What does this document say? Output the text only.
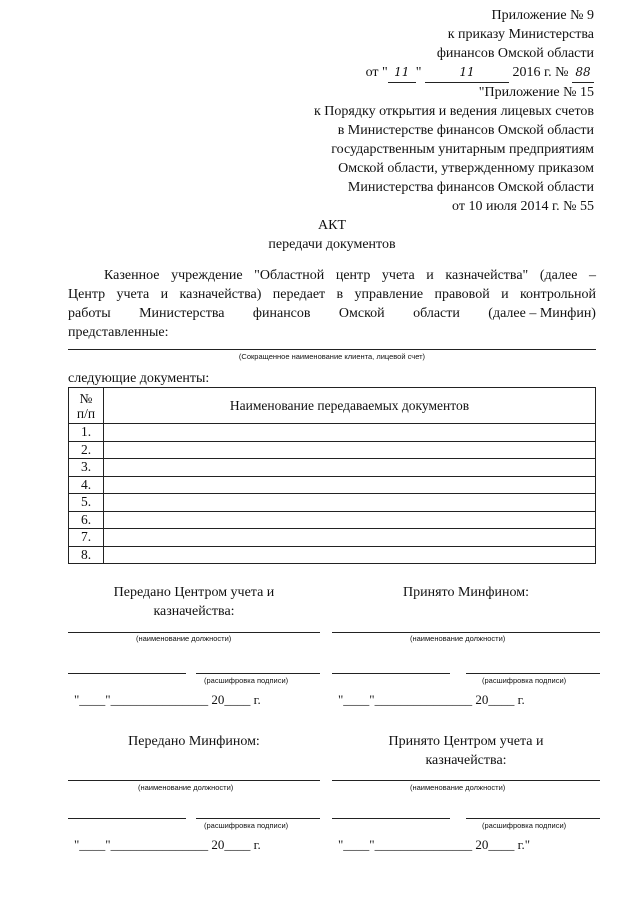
Приложение № 9
к приказу Министерства
финансов Омской области
от " 11 "	11	2016 г. № 88
"Приложение № 15
к Порядку открытия и ведения лицевых счетов
в Министерстве финансов Омской области
государственным унитарным предприятиям
Омской области, утвержденному приказом
Министерства финансов Омской области
от 10 июля 2014 г. № 55
АКТ
передачи документов
Казенное учреждение "Областной центр учета и казначейства" (далее –
Центр учета и казначейства) передает в управление правовой и контрольной
работы Министерства финансов Омской области (далее – Минфин)
представленные:
(Сокращенное наименование клиента, лицевой счет)
следующие документы:
№
п/п	Наименование передаваемых документов
1.	
2.	
3.	
4.	
5.	
6.	
7.	
8.	
Передано Центром учета и
казначейства:
Принято Минфином:
(наименование должности)	(наименование должности)
(расшифровка подписи)	(расшифровка подписи)
"____"_______________ 20____ г.	"____"_______________ 20____ г.
Передано Минфином:	Принято Центром учета и
казначейства:
(наименование должности)	(наименование должности)
(расшифровка подписи)	(расшифровка подписи)
"____"_______________ 20____ г.	"____"_______________ 20____ г."
